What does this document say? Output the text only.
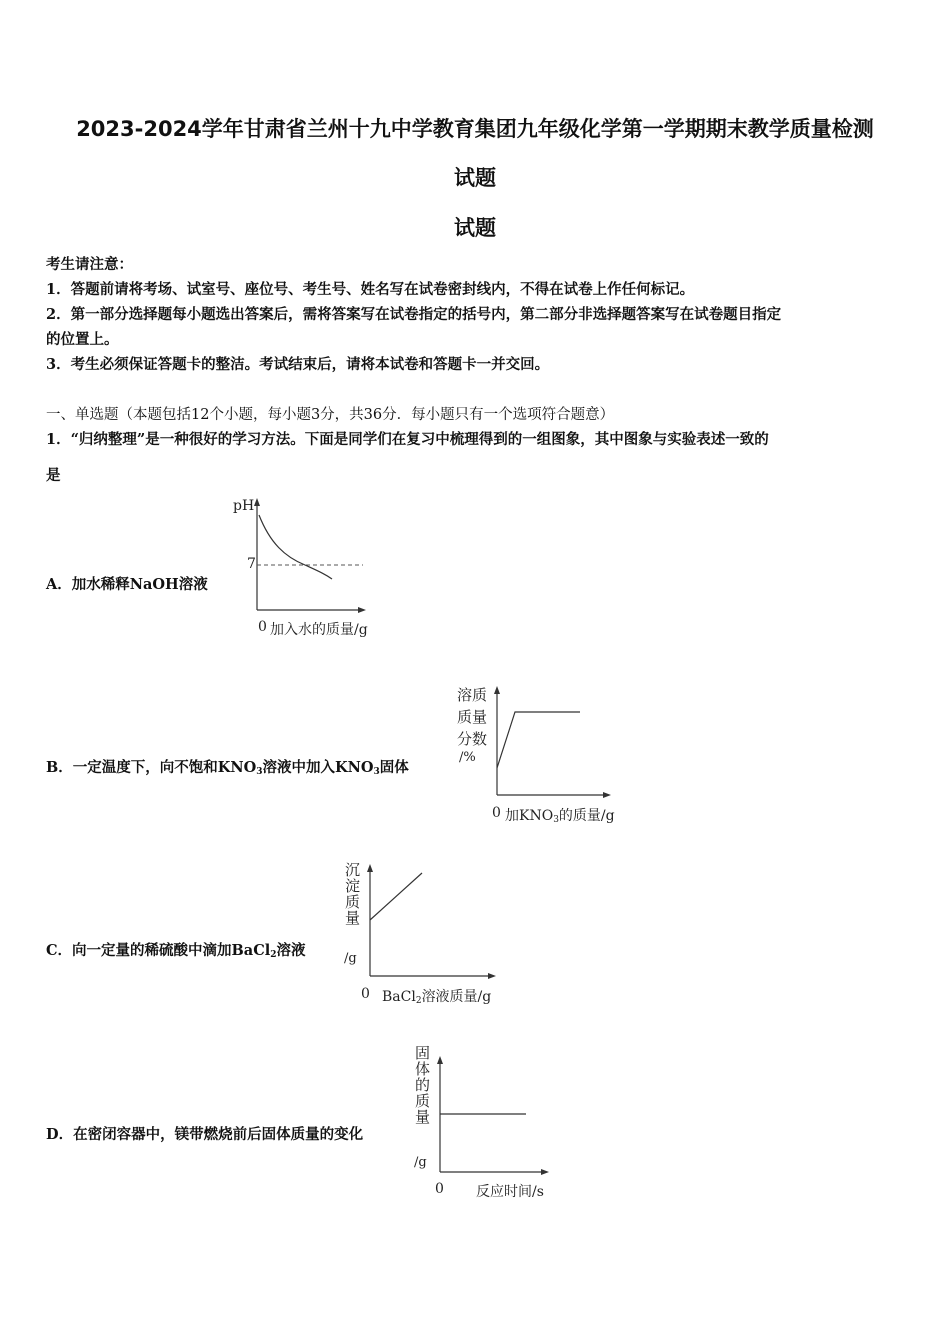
2023-2024学年甘肃省兰州十九中学教育集团九年级化学第一学期期末教学质量检测
试题
试题
考生请注意：
1．答题前请将考场、试室号、座位号、考生号、姓名写在试卷密封线内，不得在试卷上作任何标记。
2．第一部分选择题每小题选出答案后，需将答案写在试卷指定的括号内，第二部分非选择题答案写在试卷题目指定
的位置上。
3．考生必须保证答题卡的整洁。考试结束后，请将本试卷和答题卡一并交回。
一、单选题（本题包括12个小题，每小题3分，共36分．每小题只有一个选项符合题意）
1．“归纳整理”是一种很好的学习方法。下面是同学们在复习中梳理得到的一组图象，其中图象与实验表述一致的
是
A．加水稀释NaOH溶液
pH
7
0 加入水的质量/g
B．一定温度下，向不饱和$KNO_3$溶液中加入$KNO_3$固体
溶质
质量
分数
/%
0 加$KNO_3$的质量/g
C．向一定量的稀硫酸中滴加BaCl$_2$溶液
沉淀质量
/g
0 BaCl$_2$溶液质量/g
D．在密闭容器中，镁带燃烧前后固体质量的变化
固体的质量
/g
0 反应时间/s
